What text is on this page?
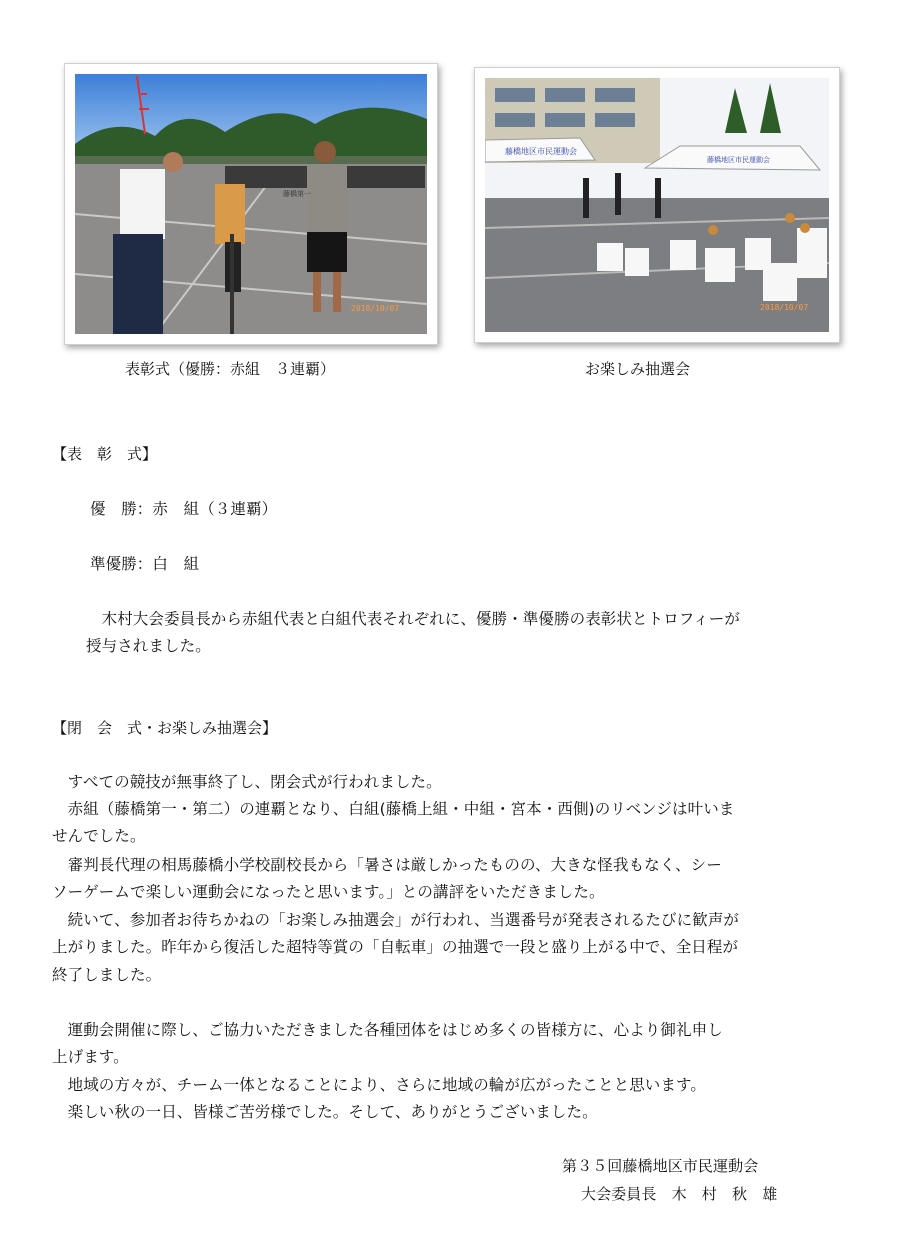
藤橋第一
2018/10/07
表彰式（優勝：赤組　３連覇）
藤橋地区市民運動会
藤橋地区市民運動会
2018/10/07
お楽しみ抽選会
【表　彰　式】
優　勝：赤　組（３連覇）
準優勝：白　組
　木村大会委員長から赤組代表と白組代表それぞれに、優勝・準優勝の表彰状とトロフィーが
授与されました。
【閉　会　式・お楽しみ抽選会】
　すべての競技が無事終了し、閉会式が行われました。
　赤組（藤橋第一・第二）の連覇となり、白組(藤橋上組・中組・宮本・西側)のリベンジは叶いま
せんでした。
　審判長代理の相馬藤橋小学校副校長から「暑さは厳しかったものの、大きな怪我もなく、シー
ソーゲームで楽しい運動会になったと思います。」との講評をいただきました。
　続いて、参加者お待ちかねの「お楽しみ抽選会」が行われ、当選番号が発表されるたびに歓声が
上がりました。昨年から復活した超特等賞の「自転車」の抽選で一段と盛り上がる中で、全日程が
終了しました。
　運動会開催に際し、ご協力いただきました各種団体をはじめ多くの皆様方に、心より御礼申し
上げます。
　地域の方々が、チーム一体となることにより、さらに地域の輪が広がったことと思います。
　楽しい秋の一日、皆様ご苦労様でした。そして、ありがとうございました。
第３５回藤橋地区市民運動会
大会委員長　木　村　秋　雄
